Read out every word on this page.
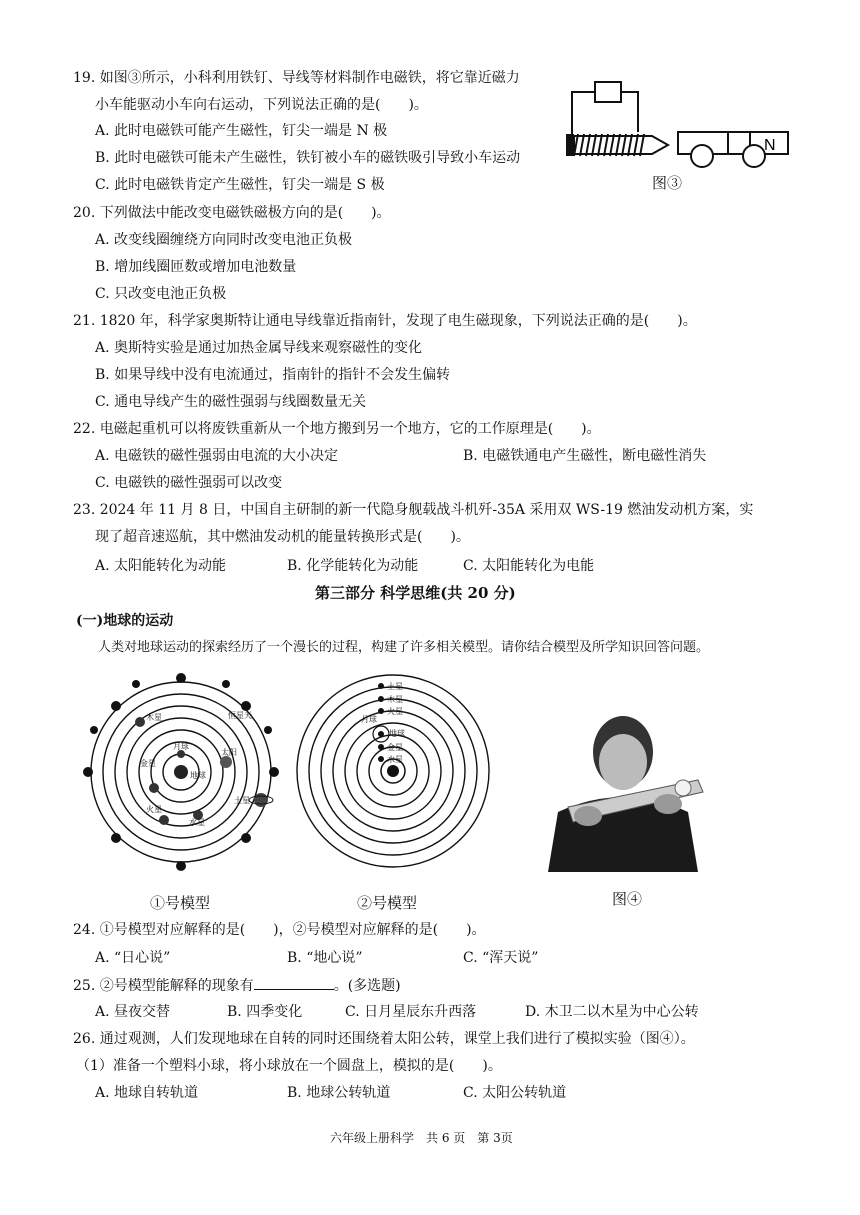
19. 如图③所示，小科利用铁钉、导线等材料制作电磁铁，将它靠近磁力
小车能驱动小车向右运动，下列说法正确的是(　　)。
A. 此时电磁铁可能产生磁性，钉尖一端是 N 极
B. 此时电磁铁可能未产生磁性，铁钉被小车的磁铁吸引导致小车运动
C. 此时电磁铁肯定产生磁性，钉尖一端是 S 极
N
图③
20. 下列做法中能改变电磁铁磁极方向的是(　　)。
A. 改变线圈缠绕方向同时改变电池正负极
B. 增加线圈匝数或增加电池数量
C. 只改变电池正负极
21. 1820 年，科学家奥斯特让通电导线靠近指南针，发现了电生磁现象，下列说法正确的是(　　)。
A. 奥斯特实验是通过加热金属导线来观察磁性的变化
B. 如果导线中没有电流通过，指南针的指针不会发生偏转
C. 通电导线产生的磁性强弱与线圈数量无关
22. 电磁起重机可以将废铁重新从一个地方搬到另一个地方，它的工作原理是(　　)。
A. 电磁铁的磁性强弱由电流的大小决定	B. 电磁铁通电产生磁性，断电磁性消失
C. 电磁铁的磁性强弱可以改变
23. 2024 年 11 月 8 日，中国自主研制的新一代隐身舰载战斗机歼-35A 采用双 WS-19 燃油发动机方案，实
现了超音速巡航，其中燃油发动机的能量转换形式是(　　)。
A. 太阳能转化为动能	B. 化学能转化为动能	C. 太阳能转化为电能
第三部分 科学思维(共 20 分)
(一)地球的运动
人类对地球运动的探索经历了一个漫长的过程，构建了许多相关模型。请你结合模型及所学知识回答问题。
木星	恒星天
金星
月球
太阳
地球
火星
水星
土星
①号模型
土星
木星
火星
月球
地球
金星
水星
②号模型	图④
24. ①号模型对应解释的是(　　)，②号模型对应解释的是(　　)。
A. “日心说”	B. “地心说”	C. “浑天说”
25. ②号模型能解释的现象有	。(多选题)
A. 昼夜交替	B. 四季变化	C. 日月星辰东升西落	D. 木卫二以木星为中心公转
26. 通过观测，人们发现地球在自转的同时还围绕着太阳公转，课堂上我们进行了模拟实验（图④）。
（1）准备一个塑料小球，将小球放在一个圆盘上，模拟的是(　　)。
A. 地球自转轨道	B. 地球公转轨道	C. 太阳公转轨道
六年级上册科学　共 6 页　第 3页
